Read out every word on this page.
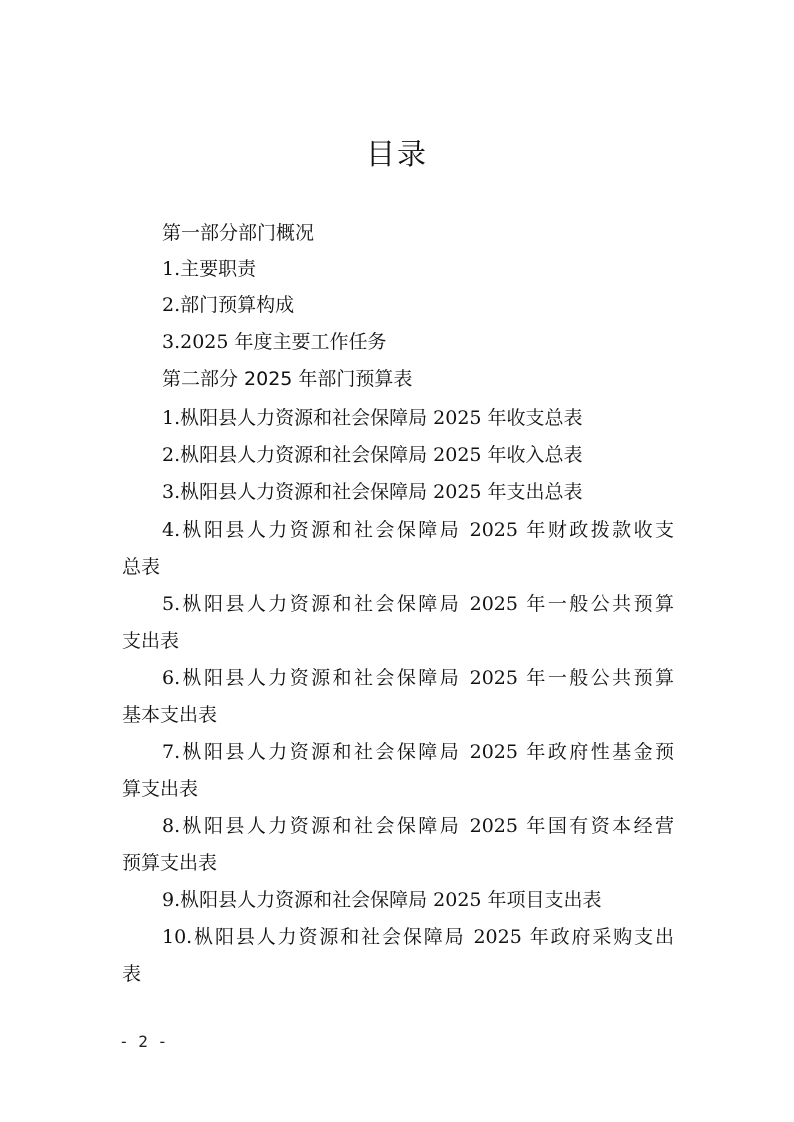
目录
第一部分部门概况
1.主要职责
2.部门预算构成
3.2025 年度主要工作任务
第二部分 2025 年部门预算表
1.枞阳县人力资源和社会保障局 2025 年收支总表
2.枞阳县人力资源和社会保障局 2025 年收入总表
3.枞阳县人力资源和社会保障局 2025 年支出总表
4.枞阳县人力资源和社会保障局 2025 年财政拨款收支
总表
5.枞阳县人力资源和社会保障局 2025 年一般公共预算
支出表
6.枞阳县人力资源和社会保障局 2025 年一般公共预算
基本支出表
7.枞阳县人力资源和社会保障局 2025 年政府性基金预
算支出表
8.枞阳县人力资源和社会保障局 2025 年国有资本经营
预算支出表
9.枞阳县人力资源和社会保障局 2025 年项目支出表
10.枞阳县人力资源和社会保障局 2025 年政府采购支出
表
- 2 -
